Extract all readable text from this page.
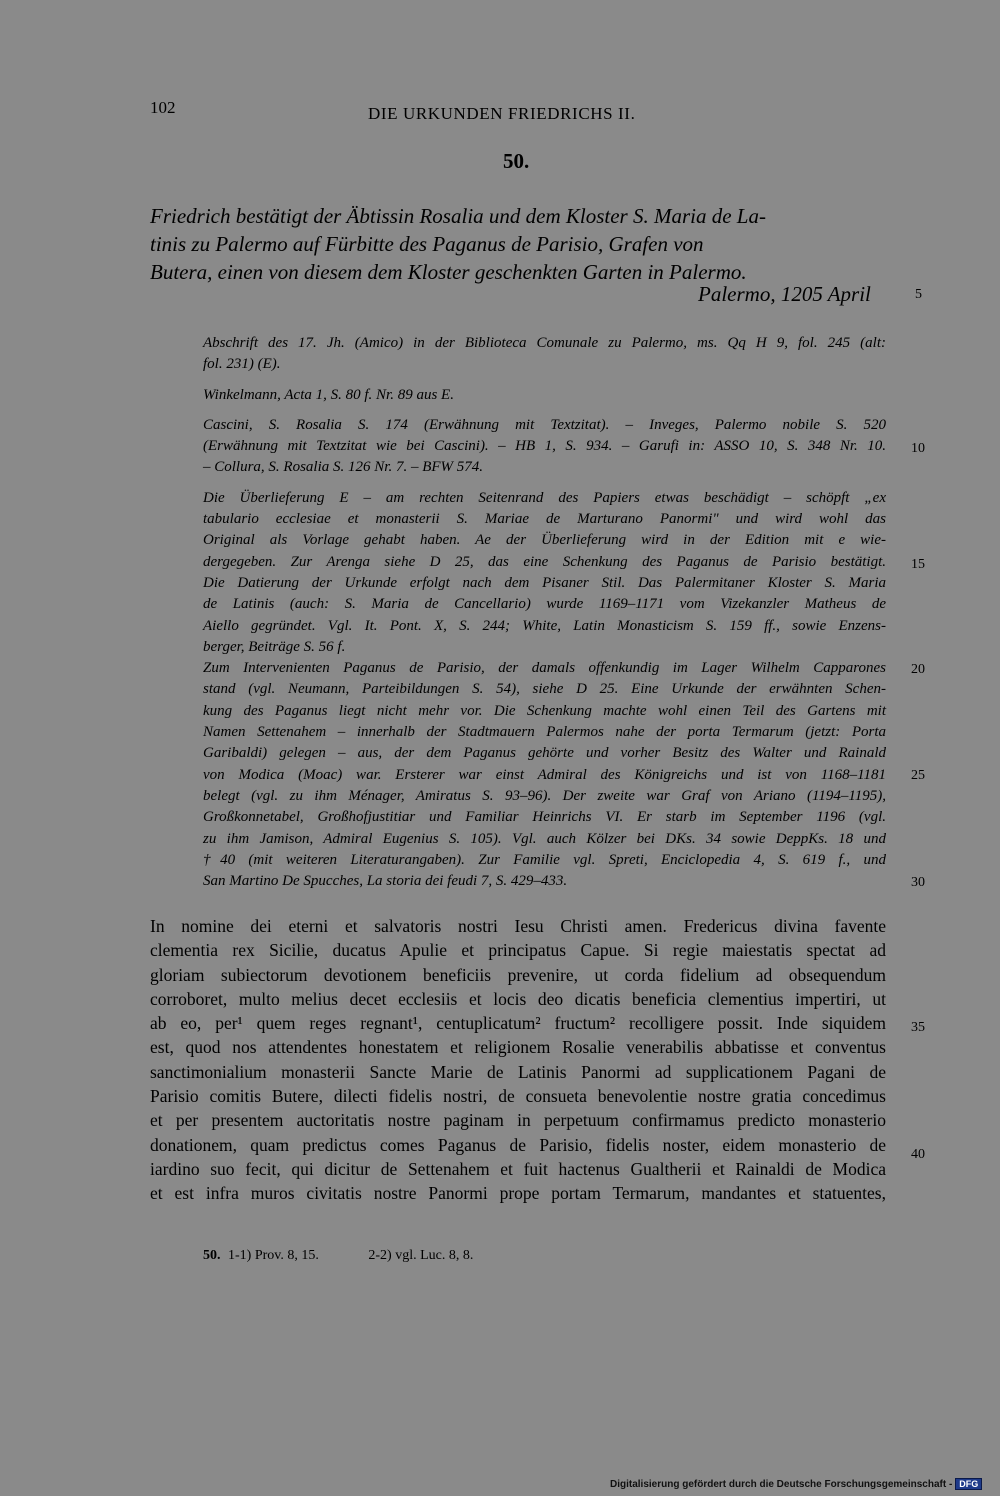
102	DIE URKUNDEN FRIEDRICHS II.
50.
Friedrich bestätigt der Äbtissin Rosalia und dem Kloster S. Maria de La-
tinis zu Palermo auf Fürbitte des Paganus de Parisio, Grafen von
Butera, einen von diesem dem Kloster geschenkten Garten in Palermo.
Palermo, 1205 April
Abschrift des 17. Jh. (Amico) in der Biblioteca Comunale zu Palermo, ms. Qq H 9, fol. 245 (alt:

fol. 231) (E).

Winkelmann, Acta 1, S. 80 f. Nr. 89 aus E.

Cascini, S. Rosalia S. 174 (Erwähnung mit Textzitat). – Inveges, Palermo nobile S. 520
(Erwähnung mit Textzitat wie bei Cascini). – HB 1, S. 934. – Garufi in: ASSO 10, S. 348 Nr. 10.

– Collura, S. Rosalia S. 126 Nr. 7. – BFW 574.

Die Überlieferung E – am rechten Seitenrand des Papiers etwas beschädigt – schöpft „ex
tabulario ecclesiae et monasterii S. Mariae de Marturano Panormi" und wird wohl das
Original als Vorlage gehabt haben. Ae der Überlieferung wird in der Edition mit e wie-
dergegeben. Zur Arenga siehe D 25, das eine Schenkung des Paganus de Parisio bestätigt.
Die Datierung der Urkunde erfolgt nach dem Pisaner Stil. Das Palermitaner Kloster S. Maria
de Latinis (auch: S. Maria de Cancellario) wurde 1169–1171 vom Vizekanzler Matheus de
Aiello gegründet. Vgl. It. Pont. X, S. 244; White, Latin Monasticism S. 159 ff., sowie Enzens-

berger, Beiträge S. 56 f.

Zum Intervenienten Paganus de Parisio, der damals offenkundig im Lager Wilhelm Capparones
stand (vgl. Neumann, Parteibildungen S. 54), siehe D 25. Eine Urkunde der erwähnten Schen-
kung des Paganus liegt nicht mehr vor. Die Schenkung machte wohl einen Teil des Gartens mit
Namen Settenahem – innerhalb der Stadtmauern Palermos nahe der porta Termarum (jetzt: Porta
Garibaldi) gelegen – aus, der dem Paganus gehörte und vorher Besitz des Walter und Rainald
von Modica (Moac) war. Ersterer war einst Admiral des Königreichs und ist von 1168–1181
belegt (vgl. zu ihm Ménager, Amiratus S. 93–96). Der zweite war Graf von Ariano (1194–1195),
Großkonnetabel, Großhofjustitiar und Familiar Heinrichs VI. Er starb im September 1196 (vgl.
zu ihm Jamison, Admiral Eugenius S. 105). Vgl. auch Kölzer bei DKs. 34 sowie DeppKs. 18 und
†40 (mit weiteren Literaturangaben). Zur Familie vgl. Spreti, Enciclopedia 4, S. 619 f., und

San Martino De Spucches, La storia dei feudi 7, S. 429–433.

In nomine dei eterni et salvatoris nostri Iesu Christi amen. Fredericus divina favente
clementia rex Sicilie, ducatus Apulie et principatus Capue. Si regie maiestatis spectat ad
gloriam subiectorum devotionem beneficiis prevenire, ut corda fidelium ad obsequendum
corroboret, multo melius decet ecclesiis et locis deo dicatis beneficia clementius impertiri, ut
ab eo, per¹ quem reges regnant¹, centuplicatum² fructum² recolligere possit. Inde siquidem
est, quod nos attendentes honestatem et religionem Rosalie venerabilis abbatisse et conventus
sanctimonialium monasterii Sancte Marie de Latinis Panormi ad supplicationem Pagani de
Parisio comitis Butere, dilecti fidelis nostri, de consueta benevolentie nostre gratia concedimus
et per presentem auctoritatis nostre paginam in perpetuum confirmamus predicto monasterio
donationem, quam predictus comes Paganus de Parisio, fidelis noster, eidem monasterio de
iardino suo fecit, qui dicitur de Settenahem et fuit hactenus Gualtherii et Rainaldi de Modica
et est infra muros civitatis nostre Panormi prope portam Termarum, mandantes et statuentes,
5
10
15
20
25
30
35
40
50. 1-1) Prov. 8, 15.	2-2) vgl. Luc. 8, 8.
Digitalisierung gefördert durch die Deutsche Forschungsgemeinschaft - DFG
